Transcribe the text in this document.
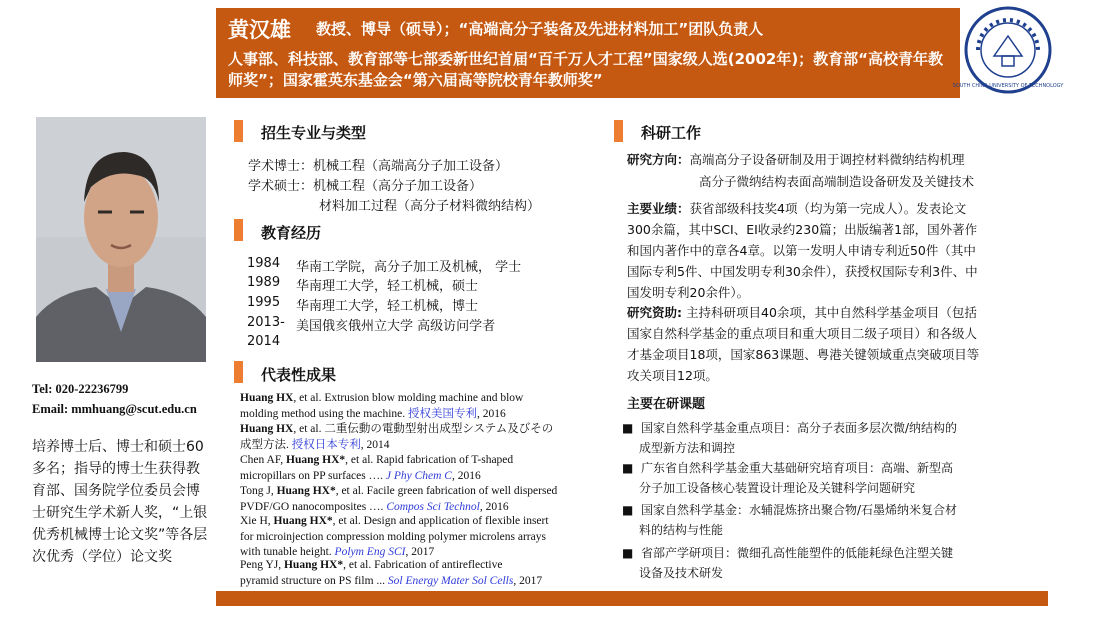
黄汉雄 教授、博导（硕导）；“高端高分子装备及先进材料加工”团队负责人
人事部、科技部、教育部等七部委新世纪首届“百千万人才工程”国家级人选(2002年)；教育部“高校青年教师奖”；国家霍英东基金会“第六届高等院校青年教师奖”	SOUTH CHINA UNIVERSITY OF TECHNOLOGY
Tel: 020-22236799
Email: mmhuang@scut.edu.cn
培养博士后、博士和硕士60多名；指导的博士生获得教育部、国务院学位委员会博士研究生学术新人奖，“上银优秀机械博士论文奖”等各层次优秀（学位）论文奖
招生专业与类型
学术博士：机械工程（高端高分子加工设备）
学术硕士：机械工程（高分子加工设备）
材料加工过程（高分子材料微纳结构）
教育经历
1984 华南工学院，高分子加工及机械， 学士
1989 华南理工大学，轻工机械，硕士
1995 华南理工大学，轻工机械，博士
2013- 美国俄亥俄州立大学 高级访问学者
2014
代表性成果
Huang HX, et al. Extrusion blow molding machine and blow
molding method using the machine. 授权美国专利, 2016
Huang HX, et al. 二重伝動の電動型射出成型システム及びその
成型方法. 授权日本专利, 2014
Chen AF, Huang HX*, et al. Rapid fabrication of T-shaped
micropillars on PP surfaces …. J Phy Chem C, 2016
Tong J, Huang HX*, et al. Facile green fabrication of well dispersed
PVDF/GO nanocomposites …. Compos Sci Technol, 2016
Xie H, Huang HX*, et al. Design and application of flexible insert
for microinjection compression molding polymer microlens arrays
with tunable height. Polym Eng SCI, 2017
Peng YJ, Huang HX*, et al. Fabrication of antireflective
pyramid structure on PS film ... Sol Energy Mater Sol Cells, 2017
科研工作
研究方向：高端高分子设备研制及用于调控材料微纳结构机理
高分子微纳结构表面高端制造设备研发及关键技术
主要业绩：获省部级科技奖4项（均为第一完成人）。发表论文
300余篇，其中SCI、EI收录约230篇；出版编著1部，国外著作
和国内著作中的章各4章。以第一发明人申请专利近50件（其中
国际专利5件、中国发明专利30余件），获授权国际专利3件、中
国发明专利20余件）。
研究资助: 主持科研项目40余项，其中自然科学基金项目（包括
国家自然科学基金的重点项目和重大项目二级子项目）和各级人
才基金项目18项，国家863课题、粤港关键领域重点突破项目等
攻关项目12项。
主要在研课题
■  国家自然科学基金重点项目：高分子表面多层次微/纳结构的
成型新方法和调控
■  广东省自然科学基金重大基础研究培育项目：高端、新型高
分子加工设备核心装置设计理论及关键科学问题研究
■  国家自然科学基金：水辅混炼挤出聚合物/石墨烯纳米复合材
料的结构与性能
■  省部产学研项目：微细孔高性能塑件的低能耗绿色注塑关键
设备及技术研发
